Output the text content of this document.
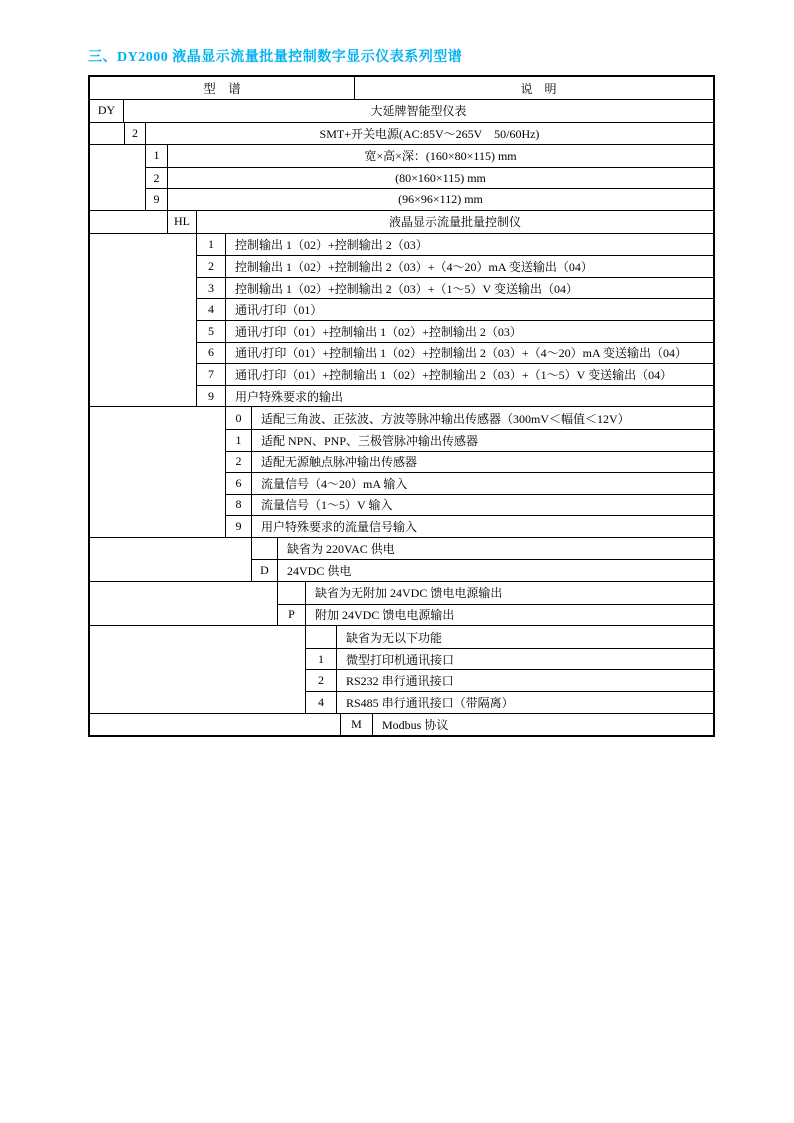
三、DY2000 液晶显示流量批量控制数字显示仪表系列型谱
型　谱	说　明
DY	大延牌智能型仪表
2	SMT+开关电源(AC:85V～265V　50/60Hz)
1	宽×高×深：(160×80×115) mm
2	(80×160×115) mm
9	(96×96×112) mm
HL	液晶显示流量批量控制仪
1	控制输出 1（02）+控制输出 2（03）
2	控制输出 1（02）+控制输出 2（03）+（4～20）mA 变送输出（04）
3	控制输出 1（02）+控制输出 2（03）+（1～5）V 变送输出（04）
4	通讯/打印（01）
5	通讯/打印（01）+控制输出 1（02）+控制输出 2（03）
6	通讯/打印（01）+控制输出 1（02）+控制输出 2（03）+（4～20）mA 变送输出（04）
7	通讯/打印（01）+控制输出 1（02）+控制输出 2（03）+（1～5）V 变送输出（04）
9	用户特殊要求的输出
0	适配三角波、正弦波、方波等脉冲输出传感器（300mV＜幅值＜12V）
1	适配 NPN、PNP、三极管脉冲输出传感器
2	适配无源触点脉冲输出传感器
6	流量信号（4～20）mA 输入
8	流量信号（1～5）V 输入
9	用户特殊要求的流量信号输入
缺省为 220VAC 供电
D	24VDC 供电
缺省为无附加 24VDC 馈电电源输出
P	附加 24VDC 馈电电源输出
缺省为无以下功能
1	微型打印机通讯接口
2	RS232 串行通讯接口
4	RS485 串行通讯接口（带隔离）
M	Modbus 协议
